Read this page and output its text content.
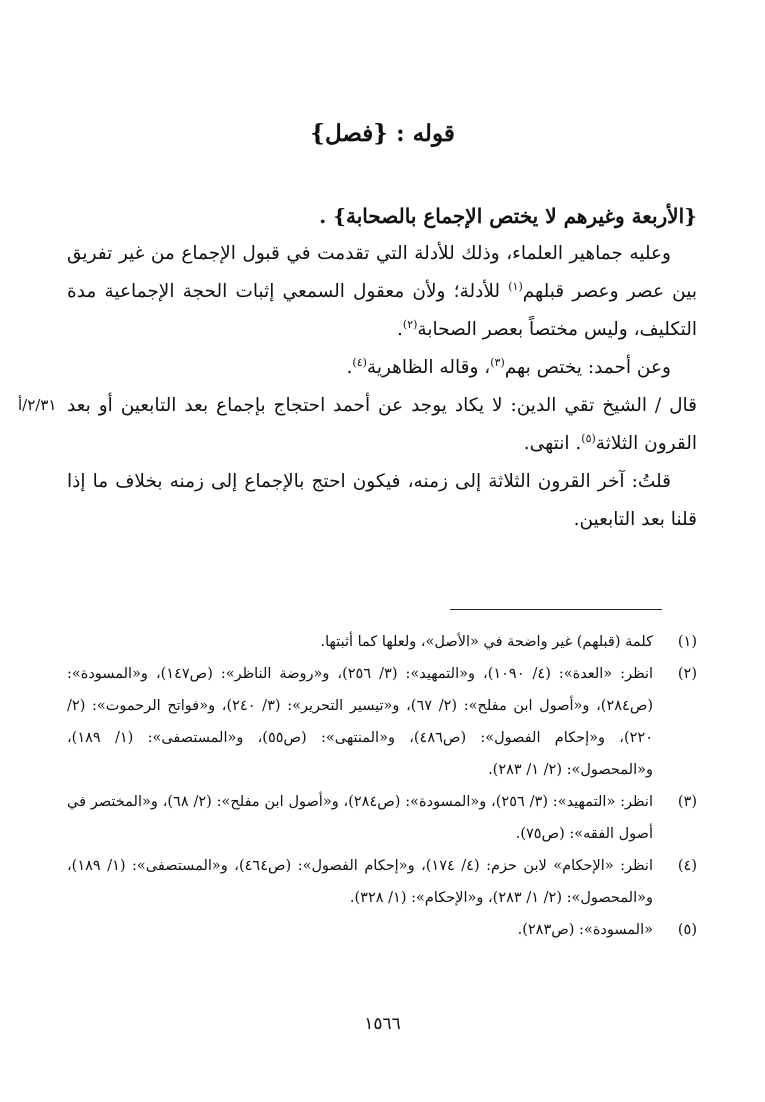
قوله : {فصل}

{الأربعة وغيرهم لا يختص الإجماع بالصحابة} .

وعليه جماهير العلماء، وذلك للأدلة التي تقدمت في قبول الإجماع من غير تفريق بين عصر وعصر قبلهم$^{(١)}$ للأدلة؛ ولأن معقول السمعي إثبات الحجة الإجماعية مدة التكليف، وليس مختصاً بعصر الصحابة$^{(٢)}$.

وعن أحمد: يختص بهم$^{(٣)}$، وقاله الظاهرية$^{(٤)}$.

قال / الشيخ تقي الدين: لا يكاد يوجد عن أحمد احتجاج بإجماع بعد التابعين أو بعد القرون الثلاثة$^{(٥)}$. انتهى.

قلتُ: آخر القرون الثلاثة إلى زمنه، فيكون احتج بالإجماع إلى زمنه بخلاف ما إذا قلنا بعد التابعين.

٢/٣١/أ
(١)
كلمة (قبلهم) غير واضحة في «الأصل»، ولعلها كما أثبتها.
(٢)
انظر: «العدة»: (٤/ ١٠٩٠)، و«التمهيد»: (٣/ ٢٥٦)، و«روضة الناظر»: (ص١٤٧)، و«المسودة»: (ص٢٨٤)، و«أصول ابن مفلح»: (٢/ ٦٧)، و«تيسير التحرير»: (٣/ ٢٤٠)، و«فواتح الرحموت»: (٢/ ٢٢٠)، و«إحكام الفصول»: (ص٤٨٦)، و«المنتهى»: (ص٥٥)، و«المستصفى»: (١/ ١٨٩)، و«المحصول»: (٢/ ١/ ٢٨٣).
(٣)
انظر: «التمهيد»: (٣/ ٢٥٦)، و«المسودة»: (ص٢٨٤)، و«أصول ابن مفلح»: (٢/ ٦٨)، و«المختصر في أصول الفقه»: (ص٧٥).
(٤)
انظر: «الإحكام» لابن حزم: (٤/ ١٧٤)، و«إحكام الفصول»: (ص٤٦٤)، و«المستصفى»: (١/ ١٨٩)، و«المحصول»: (٢/ ١/ ٢٨٣)، و«الإحكام»: (١/ ٣٢٨).
(٥)
«المسودة»: (ص٢٨٣).
١٥٦٦
